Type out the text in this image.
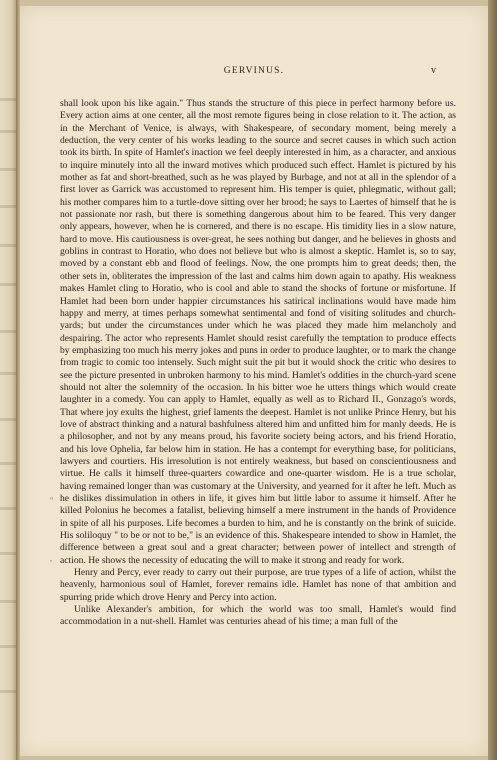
GERVINUS.	v
"
,

shall look upon his like again." Thus stands the structure of this piece in perfect harmony before us. Every action aims at one center, all the most remote figures being in close relation to it. The action, as in the Merchant of Venice, is always, with Shakespeare, of secondary moment, being merely a deduction, the very center of his works leading to the source and secret causes in which such action took its birth. In spite of Hamlet's inaction we feel deeply interested in him, as a character, and anxious to inquire minutely into all the inward motives which produced such effect. Hamlet is pictured by his mother as fat and short-breathed, such as he was played by Burbage, and not at all in the splendor of a first lover as Garrick was accustomed to represent him. His temper is quiet, phlegmatic, without gall; his mother compares him to a turtle-dove sitting over her brood; he says to Laertes of himself that he is not passionate nor rash, but there is something dangerous about him to be feared. This very danger only appears, however, when he is cornered, and there is no escape. His timidity lies in a slow nature, hard to move. His cautiousness is over-great, he sees nothing but danger, and he believes in ghosts and goblins in contrast to Horatio, who does not believe but who is almost a skeptic. Hamlet is, so to say, moved by a constant ebb and flood of feelings. Now, the one prompts him to great deeds; then, the other sets in, obliterates the impression of the last and calms him down again to apathy. His weakness makes Hamlet cling to Horatio, who is cool and able to stand the shocks of fortune or misfortune. If Hamlet had been born under happier circumstances his satirical inclinations would have made him happy and merry, at times perhaps somewhat sentimental and fond of visiting solitudes and church-yards; but under the circumstances under which he was placed they made him melancholy and despairing. The actor who represents Hamlet should resist carefully the temptation to produce effects by emphasizing too much his merry jokes and puns in order to produce laughter, or to mark the change from tragic to comic too intensely. Such might suit the pit but it would shock the critic who desires to see the picture presented in unbroken harmony to his mind. Hamlet's oddities in the church-yard scene should not alter the solemnity of the occasion. In his bitter woe he utters things which would create laughter in a comedy. You can apply to Hamlet, equally as well as to Richard II., Gonzago's words, That where joy exults the highest, grief laments the deepest. Hamlet is not unlike Prince Henry, but his love of abstract thinking and a natural bashfulness altered him and unfitted him for manly deeds. He is a philosopher, and not by any means proud, his favorite society being actors, and his friend Horatio, and his love Ophelia, far below him in station. He has a contempt for everything base, for politicians, lawyers and courtiers. His irresolution is not entirely weakness, but based on conscientiousness and virtue. He calls it himself three-quarters cowardice and one-quarter wisdom. He is a true scholar, having remained longer than was customary at the University, and yearned for it after he left. Much as he dislikes dissimulation in others in life, it gives him but little labor to assume it himself. After he killed Polonius he becomes a fatalist, believing himself a mere instrument in the hands of Providence in spite of all his purposes. Life becomes a burden to him, and he is constantly on the brink of suicide. His soliloquy " to be or not to be," is an evidence of this. Shakespeare intended to show in Hamlet, the difference between a great soul and a great character; between power of intellect and strength of action. He shows the necessity of educating the will to make it strong and ready for work.

Henry and Percy, ever ready to carry out their purpose, are true types of a life of action, whilst the heavenly, harmonious soul of Hamlet, forever remains idle. Hamlet has none of that ambition and spurring pride which drove Henry and Percy into action.

Unlike Alexander's ambition, for which the world was too small, Hamlet's would find accommodation in a nut-shell. Hamlet was centuries ahead of his time; a man full of the
